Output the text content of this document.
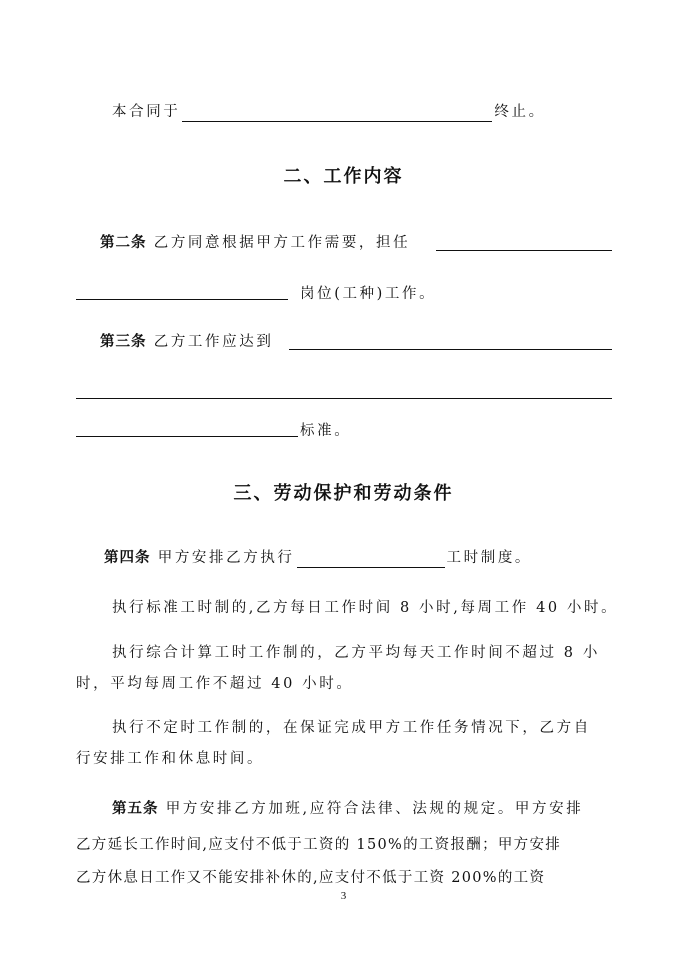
本合同于	终止。
二、工作内容
第二条 乙方同意根据甲方工作需要，担任
岗位(工种)工作。
第三条 乙方工作应达到
标准。
三、劳动保护和劳动条件
第四条 甲方安排乙方执行	工时制度。
执行标准工时制的,乙方每日工作时间 8 小时,每周工作 40 小时。
执行综合计算工时工作制的，乙方平均每天工作时间不超过 8 小
时，平均每周工作不超过 40 小时。
执行不定时工作制的，在保证完成甲方工作任务情况下，乙方自
行安排工作和休息时间。
第五条 甲方安排乙方加班,应符合法律、法规的规定。甲方安排
乙方延长工作时间,应支付不低于工资的 150%的工资报酬；甲方安排
乙方休息日工作又不能安排补休的,应支付不低于工资 200%的工资
3
